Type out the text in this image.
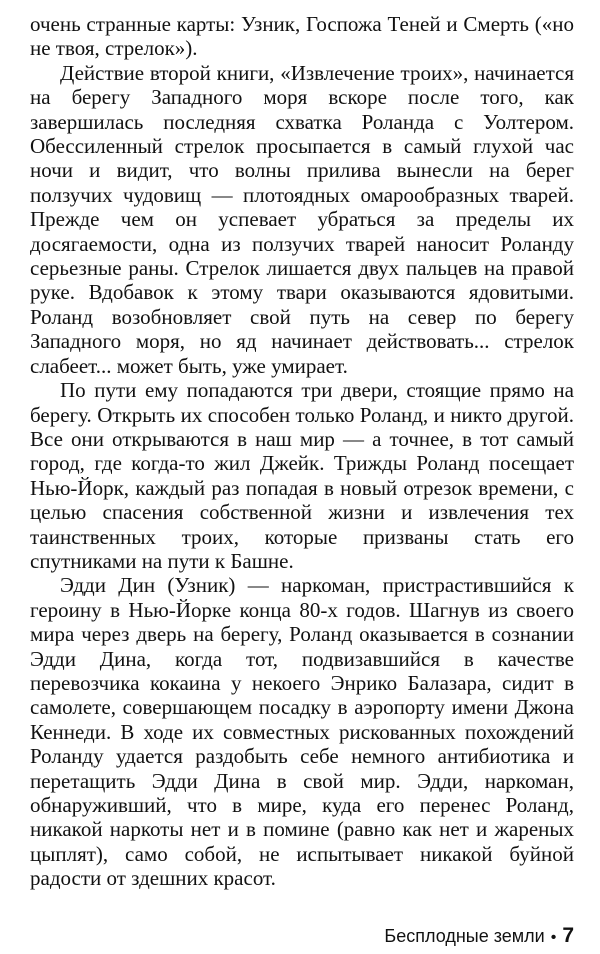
очень странные карты: Узник, Госпожа Теней и Смерть («но не твоя, стрелок»).

Действие второй книги, «Извлечение троих», начинается на берегу Западного моря вскоре после того, как завершилась последняя схватка Роланда с Уолтером. Обессиленный стрелок просыпается в самый глухой час ночи и видит, что волны прилива вынесли на берег ползучих чудовищ — плотоядных омарообразных тварей. Прежде чем он успевает убраться за пределы их досягаемости, одна из ползучих тварей наносит Роланду серьезные раны. Стрелок лишается двух пальцев на правой руке. Вдобавок к этому твари оказываются ядовитыми. Роланд возобновляет свой путь на север по берегу Западного моря, но яд начинает действовать... стрелок слабеет... может быть, уже умирает.

По пути ему попадаются три двери, стоящие прямо на берегу. Открыть их способен только Роланд, и никто другой. Все они открываются в наш мир — а точнее, в тот самый город, где когда-то жил Джейк. Трижды Роланд посещает Нью-Йорк, каждый раз попадая в новый отрезок времени, с целью спасения собственной жизни и извлечения тех таинственных троих, которые призваны стать его спутниками на пути к Башне.

Эдди Дин (Узник) — наркоман, пристрастившийся к героину в Нью-Йорке конца 80-х годов. Шагнув из своего мира через дверь на берегу, Роланд оказывается в сознании Эдди Дина, когда тот, подвизавшийся в качестве перевозчика кокаина у некоего Энрико Балазара, сидит в самолете, совершающем посадку в аэропорту имени Джона Кеннеди. В ходе их совместных рискованных похождений Роланду удается раздобыть себе немного антибиотика и перетащить Эдди Дина в свой мир. Эдди, наркоман, обнаруживший, что в мире, куда его перенес Роланд, никакой наркоты нет и в помине (равно как нет и жареных цыплят), само собой, не испытывает никакой буйной радости от здешних красот.

Бесплодные земли • 7
